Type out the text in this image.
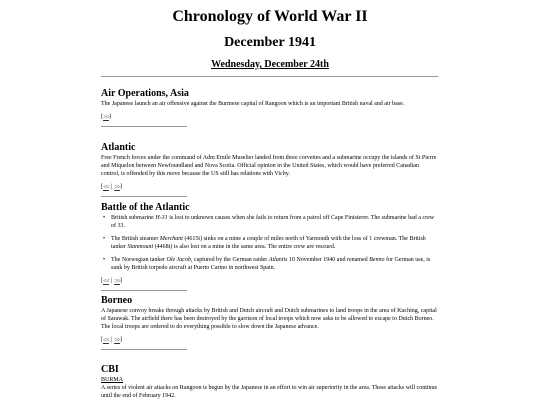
Chronology of World War II
December 1941
Wednesday, December 24th
Air Operations, Asia

The Japanese launch an air offensive against the Burmese capital of Rangoon which is an important British naval and air base.

[ >> ]
Atlantic

Free French forces under the command of Adm Emile Muselier landed from three corvettes and a submarine occupy the islands of St Pierre and Miquelon between Newfoundland and Nova Scotia. Official opinion in the United States, which would have preferred Canadian control, is offended by this move because the US still has relations with Vichy.

[ << | >> ]
Battle of the Atlantic
• British submarine H-31 is lost to unknown causes when she fails to return from a patrol off Cape Finisterre. The submarine had a crew of 33.
• The British steamer Merchant (4615t) sinks on a mine a couple of miles north of Yarmouth with the loss of 1 crewman. The British tanker Stanmount (4468t) is also lost on a mine in the same area. The entire crew are rescued.
• The Norwegian tanker Ole Jacob, captured by the German raider Atlantis 10 November 1940 and renamed Benno for German use, is sunk by British torpedo aircraft at Puerto Carino in northwest Spain.
[ << | >> ]
Borneo

A Japanese convoy breaks through attacks by British and Dutch aircraft and Dutch submarines to land troops in the area of Kuching, capital of Sarawak. The airfield there has been destroyed by the garrison of local troops which now asks to be allowed to escape to Dutch Borneo. The local troops are ordered to do everything possible to slow down the Japanese advance.

[ << | >> ]
CBI
BURMA

A series of violent air attacks on Rangoon is begun by the Japanese in an effort to win air superiority in the area. These attacks will continue until the end of February 1942.
